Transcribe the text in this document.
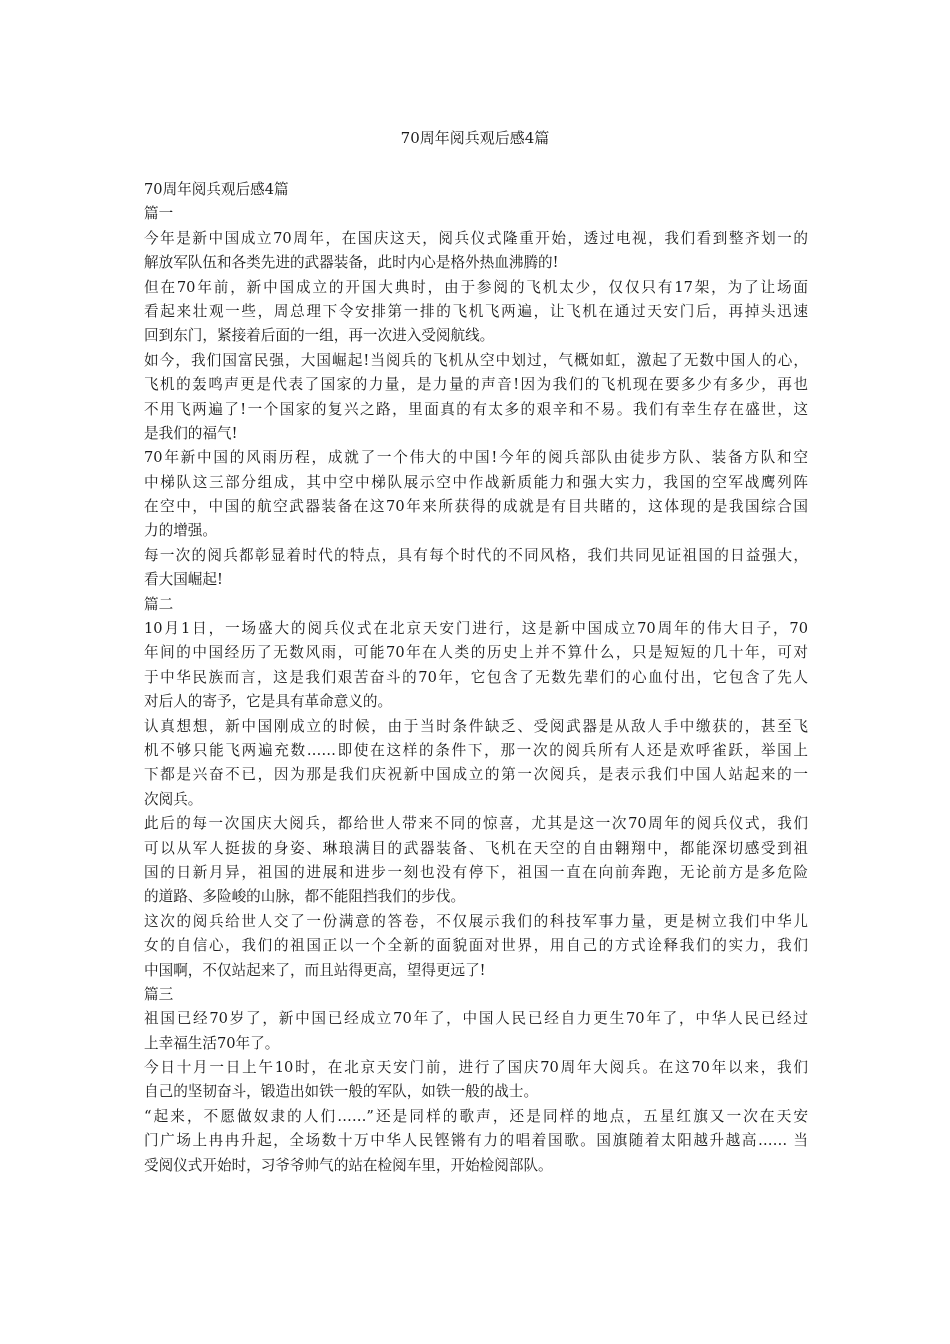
70周年阅兵观后感4篇
70周年阅兵观后感4篇
篇一
今年是新中国成立70周年，在国庆这天，阅兵仪式隆重开始，透过电视，我们看到整齐划一的
解放军队伍和各类先进的武器装备，此时内心是格外热血沸腾的!
但在70年前，新中国成立的开国大典时，由于参阅的飞机太少，仅仅只有17架，为了让场面
看起来壮观一些，周总理下令安排第一排的飞机飞两遍，让飞机在通过天安门后，再掉头迅速
回到东门，紧接着后面的一组，再一次进入受阅航线。
如今，我们国富民强，大国崛起!当阅兵的飞机从空中划过，气概如虹，激起了无数中国人的心，
飞机的轰鸣声更是代表了国家的力量，是力量的声音!因为我们的飞机现在要多少有多少，再也
不用飞两遍了!一个国家的复兴之路，里面真的有太多的艰辛和不易。我们有幸生存在盛世，这
是我们的福气!
70年新中国的风雨历程，成就了一个伟大的中国!今年的阅兵部队由徒步方队、装备方队和空
中梯队这三部分组成，其中空中梯队展示空中作战新质能力和强大实力，我国的空军战鹰列阵
在空中，中国的航空武器装备在这70年来所获得的成就是有目共睹的，这体现的是我国综合国
力的增强。
每一次的阅兵都彰显着时代的特点，具有每个时代的不同风格，我们共同见证祖国的日益强大，
看大国崛起!
篇二
10月1日，一场盛大的阅兵仪式在北京天安门进行，这是新中国成立70周年的伟大日子，70
年间的中国经历了无数风雨，可能70年在人类的历史上并不算什么，只是短短的几十年，可对
于中华民族而言，这是我们艰苦奋斗的70年，它包含了无数先辈们的心血付出，它包含了先人
对后人的寄予，它是具有革命意义的。
认真想想，新中国刚成立的时候，由于当时条件缺乏、受阅武器是从敌人手中缴获的，甚至飞
机不够只能飞两遍充数……即使在这样的条件下，那一次的阅兵所有人还是欢呼雀跃，举国上
下都是兴奋不已，因为那是我们庆祝新中国成立的第一次阅兵，是表示我们中国人站起来的一
次阅兵。
此后的每一次国庆大阅兵，都给世人带来不同的惊喜，尤其是这一次70周年的阅兵仪式，我们
可以从军人挺拔的身姿、琳琅满目的武器装备、飞机在天空的自由翱翔中，都能深切感受到祖
国的日新月异，祖国的进展和进步一刻也没有停下，祖国一直在向前奔跑，无论前方是多危险
的道路、多险峻的山脉，都不能阻挡我们的步伐。
这次的阅兵给世人交了一份满意的答卷，不仅展示我们的科技军事力量，更是树立我们中华儿
女的自信心，我们的祖国正以一个全新的面貌面对世界，用自己的方式诠释我们的实力，我们
中国啊，不仅站起来了，而且站得更高，望得更远了!
篇三
祖国已经70岁了，新中国已经成立70年了，中国人民已经自力更生70年了，中华人民已经过
上幸福生活70年了。
今日十月一日上午10时，在北京天安门前，进行了国庆70周年大阅兵。在这70年以来，我们
自己的坚韧奋斗，锻造出如铁一般的军队，如铁一般的战士。
“起来，不愿做奴隶的人们……”还是同样的歌声，还是同样的地点，五星红旗又一次在天安
门广场上冉冉升起，全场数十万中华人民铿锵有力的唱着国歌。国旗随着太阳越升越高…… 当
受阅仪式开始时，习爷爷帅气的站在检阅车里，开始检阅部队。
